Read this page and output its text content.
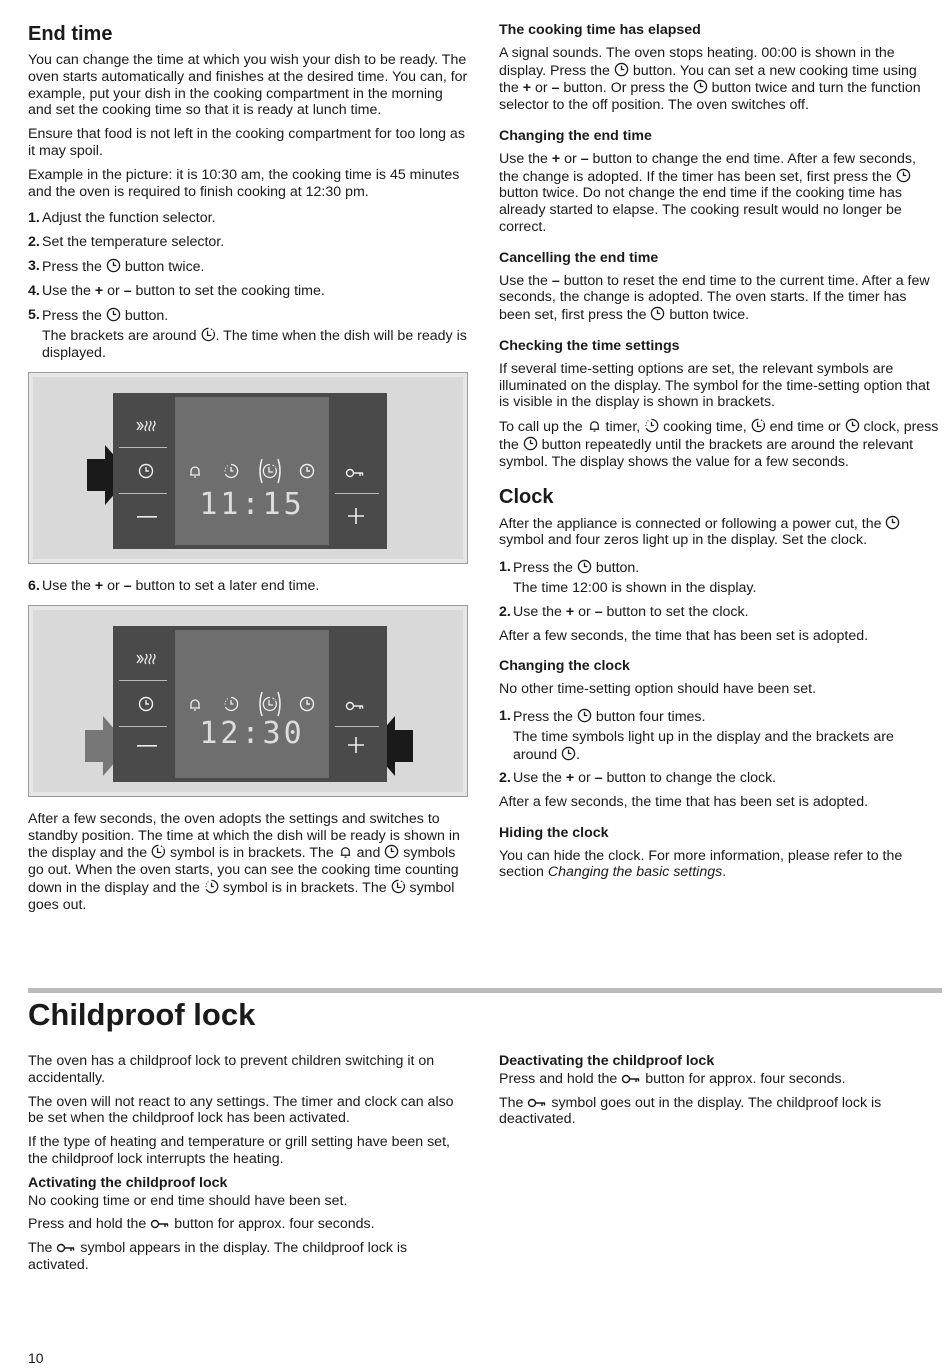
End time

You can change the time at which you wish your dish to be ready. The oven starts automatically and finishes at the desired time. You can, for example, put your dish in the cooking compartment in the morning and set the cooking time so that it is ready at lunch time.

Ensure that food is not left in the cooking compartment for too long as it may spoil.

Example in the picture: it is 10:30 am, the cooking time is 45 minutes and the oven is required to finish cooking at 12:30 pm.

1. Adjust the function selector.
2. Set the temperature selector.
3. Press the button twice.
4. Use the + or – button to set the cooking time.
5. Press the button.

The brackets are around . The time when the dish will be ready is displayed.

11:15
6. Use the + or – button to set a later end time.
12:30

After a few seconds, the oven adopts the settings and switches to standby position. The time at which the dish will be ready is shown in the display and the symbol is in brackets. The and symbols go out. When the oven starts, you can see the cooking time counting down in the display and the symbol is in brackets. The symbol goes out.

The cooking time has elapsed

A signal sounds. The oven stops heating. 00:00 is shown in the display. Press the button. You can set a new cooking time using the + or – button. Or press the button twice and turn the function selector to the off position. The oven switches off.

Changing the end time

Use the + or – button to change the end time. After a few seconds, the change is adopted. If the timer has been set, first press the
button twice. Do not change the end time if the cooking time has already started to elapse. The cooking result would no longer be correct.

Cancelling the end time

Use the – button to reset the end time to the current time. After a few seconds, the change is adopted. The oven starts. If the timer has been set, first press the button twice.

Checking the time settings

If several time-setting options are set, the relevant symbols are illuminated on the display. The symbol for the time-setting option that is visible in the display is shown in brackets.

To call up the timer, cooking time, end time or clock, press the button repeatedly until the brackets are around the relevant symbol. The display shows the value for a few seconds.

Clock

After the appliance is connected or following a power cut, the
symbol and four zeros light up in the display. Set the clock.

1. Press the button.

The time 12:00 is shown in the display.

2. Use the + or – button to set the clock.

After a few seconds, the time that has been set is adopted.

Changing the clock

No other time-setting option should have been set.

1. Press the button four times.

The time symbols light up in the display and the brackets are around .

2. Use the + or – button to change the clock.

After a few seconds, the time that has been set is adopted.

Hiding the clock

You can hide the clock. For more information, please refer to the section Changing the basic settings.

Childproof lock

The oven has a childproof lock to prevent children switching it on accidentally.

The oven will not react to any settings. The timer and clock can also be set when the childproof lock has been activated.

If the type of heating and temperature or grill setting have been set, the childproof lock interrupts the heating.

Activating the childproof lock

No cooking time or end time should have been set.

Press and hold the button for approx. four seconds.

The symbol appears in the display. The childproof lock is activated.

Deactivating the childproof lock

Press and hold the button for approx. four seconds.

The symbol goes out in the display. The childproof lock is deactivated.

10
